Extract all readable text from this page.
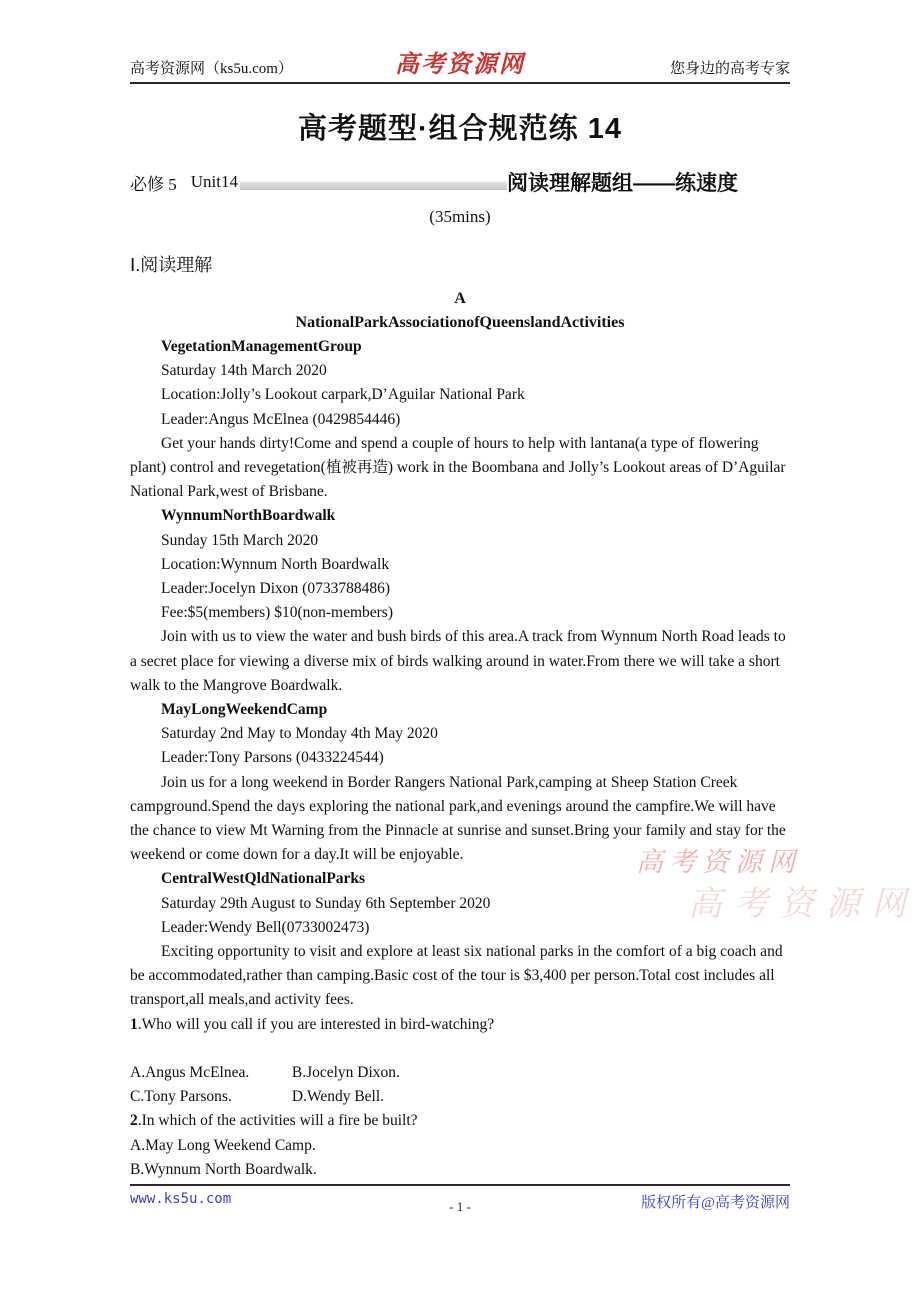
高考资源网（ks5u.com）	高考资源网	您身边的高考专家
高考资源网
高考资源网
高考题型·组合规范练 14
必修 5 Unit14	阅读理解题组——练速度
(35mins)
Ⅰ.阅读理解
A
NationalParkAssociationofQueenslandActivities

VegetationManagementGroup

Saturday 14th March 2020

Location:Jolly’s Lookout carpark,D’Aguilar National Park

Leader:Angus McElnea (0429854446)

Get your hands dirty!Come and spend a couple of hours to help with lantana(a type of flowering plant) control and revegetation(植被再造) work in the Boombana and Jolly’s Lookout areas of D’Aguilar National Park,west of Brisbane.

WynnumNorthBoardwalk

Sunday 15th March 2020

Location:Wynnum North Boardwalk

Leader:Jocelyn Dixon (0733788486)

Fee:$5(members) $10(non-members)

Join with us to view the water and bush birds of this area.A track from Wynnum North Road leads to a secret place for viewing a diverse mix of birds walking around in water.From there we will take a short walk to the Mangrove Boardwalk.

MayLongWeekendCamp

Saturday 2nd May to Monday 4th May 2020

Leader:Tony Parsons (0433224544)

Join us for a long weekend in Border Rangers National Park,camping at Sheep Station Creek campground.Spend the days exploring the national park,and evenings around the campfire.We will have the chance to view Mt Warning from the Pinnacle at sunrise and sunset.Bring your family and stay for the weekend or come down for a day.It will be enjoyable.

CentralWestQldNationalParks

Saturday 29th August to Sunday 6th September 2020

Leader:Wendy Bell(0733002473)

Exciting opportunity to visit and explore at least six national parks in the comfort of a big coach and be accommodated,rather than camping.Basic cost of the tour is $3,400 per person.Total cost includes all transport,all meals,and activity fees.

1.Who will you call if you are interested in bird-watching?

A.Angus McElnea.	B.Jocelyn Dixon.
C.Tony Parsons.	D.Wendy Bell.

2.In which of the activities will a fire be built?

A.May Long Weekend Camp.

B.Wynnum North Boardwalk.

www.ks5u.com	- 1 -	版权所有@高考资源网
